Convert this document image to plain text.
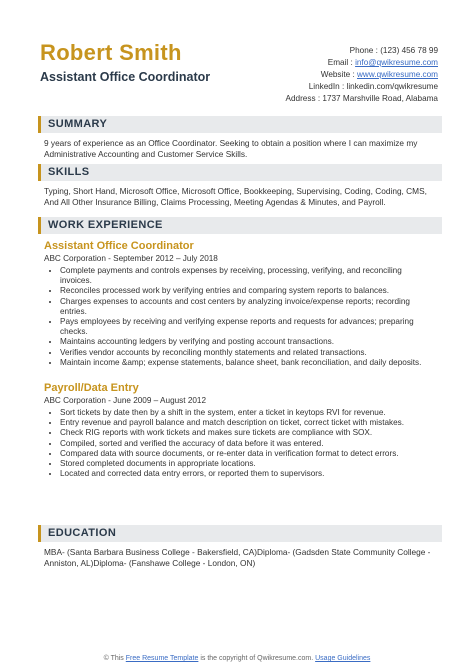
Robert Smith
Assistant Office Coordinator
Phone : (123) 456 78 99
Email : info@qwikresume.com
Website : www.qwikresume.com
LinkedIn : linkedin.com/qwikresume
Address : 1737 Marshville Road, Alabama
SUMMARY
9 years of experience as an Office Coordinator. Seeking to obtain a position where I can maximize my Administrative Accounting and Customer Service Skills.
SKILLS
Typing, Short Hand, Microsoft Office, Microsoft Office, Bookkeeping, Supervising, Coding, Coding, CMS, And All Other Insurance Billing, Claims Processing, Meeting Agendas & Minutes, and Payroll.
WORK EXPERIENCE
Assistant Office Coordinator
ABC Corporation - September 2012 – July 2018
• Complete payments and controls expenses by receiving, processing, verifying, and reconciling invoices.
• Reconciles processed work by verifying entries and comparing system reports to balances.
• Charges expenses to accounts and cost centers by analyzing invoice/expense reports; recording entries.
• Pays employees by receiving and verifying expense reports and requests for advances; preparing checks.
• Maintains accounting ledgers by verifying and posting account transactions.
• Verifies vendor accounts by reconciling monthly statements and related transactions.
• Maintain income &amp; expense statements, balance sheet, bank reconciliation, and daily deposits.
Payroll/Data Entry
ABC Corporation - June 2009 – August 2012
• Sort tickets by date then by a shift in the system, enter a ticket in keytops RVI for revenue.
• Entry revenue and payroll balance and match description on ticket, correct ticket with mistakes.
• Check RIG reports with work tickets and makes sure tickets are compliance with SOX.
• Compiled, sorted and verified the accuracy of data before it was entered.
• Compared data with source documents, or re-enter data in verification format to detect errors.
• Stored completed documents in appropriate locations.
• Located and corrected data entry errors, or reported them to supervisors.
EDUCATION
MBA- (Santa Barbara Business College - Bakersfield, CA)Diploma- (Gadsden State Community College - Anniston, AL)Diploma- (Fanshawe College - London, ON)
© This Free Resume Template is the copyright of Qwikresume.com. Usage Guidelines
